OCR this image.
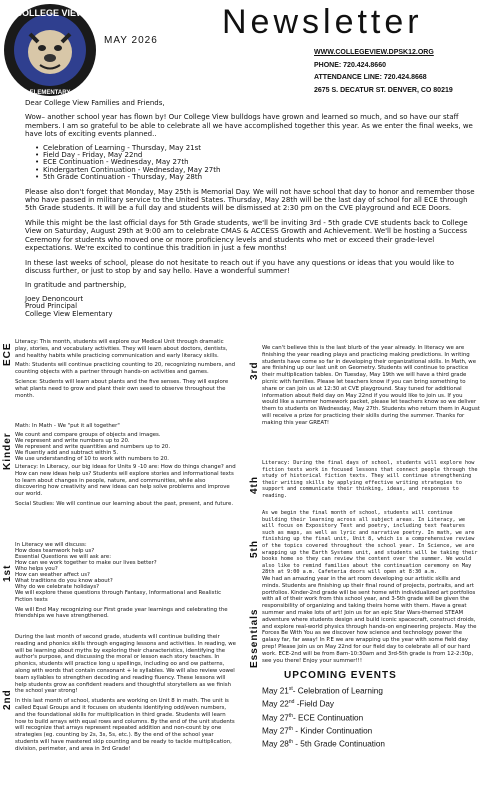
COLLEGE VIEW
ELEMENTARY
MAY 2026 Newsletter
WWW.COLLEGEVIEW.DPSK12.ORG
PHONE: 720.424.8660
ATTENDANCE LINE: 720.424.8668
2675 S. DECATUR ST. DENVER, CO 80219

Dear College View Families and Friends,

Wow– another school year has flown by! Our College View bulldogs have grown and learned so much, and so have our staff members. I am so grateful to be able to celebrate all we have accomplished together this year. As we enter the final weeks, we have lots of exciting events planned..

• Celebration of Learning - Thursday, May 21st
• Field Day - Friday, May 22nd
• ECE Continuation - Wednesday, May 27th
• Kindergarten Continuation - Wednesday, May 27th
• 5th Grade Continuation - Thursday, May 28th

Please also don't forget that Monday, May 25th is Memorial Day. We will not have school that day to honor and remember those who have passed in military service to the United States. Thursday, May 28th will be the last day of school for all ECE through 5th Grade students. It will be a full day and students will be dismissed at 2:30 pm on the CVE playground and ECE Doors.

While this might be the last official days for 5th Grade students, we'll be inviting 3rd - 5th grade CVE students back to College View on Saturday, August 29th at 9:00 am to celebrate CMAS & ACCESS Growth and Achievement. We'll be hosting a Success Ceremony for students who moved one or more proficiency levels and students who met or exceed their grade-level expectations. We're excited to continue this tradition in just a few months!

In these last weeks of school, please do not hesitate to reach out if you have any questions or ideas that you would like to discuss further, or just to stop by and say hello. Have a wonderful summer!

In gratitude and partnership,

Joey Denoncourt
Proud Principal
College View Elementary
ECE

Literacy: This month, students will explore our Medical Unit through dramatic play, stories, and vocabulary activities. They will learn about doctors, dentists, and healthy habits while practicing communication and early literacy skills.

Math: Students will continue practicing counting to 20, recognizing numbers, and counting objects with a partner through hands-on activities and games.

Science: Students will learn about plants and the five senses. They will explore what plants need to grow and plant their own seed to observe throughout the month.

Kinder

Math: In Math - We "put it all together"

We count and compare groups of objects and images.
We represent and write numbers up to 20.
We represent and write quantities and numbers up to 20.
We fluently add and subtract within 5.
We use understanding of 10 to work with numbers to 20.

Literacy: In Literacy, our big ideas for Units 9 -10 are: How do things change? and How can new ideas help us? Students will explore stories and informational texts to learn about changes in people, nature, and communities, while also discovering how creativity and new ideas can help solve problems and improve our world.

Social Studies: We will continue our learning about the past, present, and future.

1st
In Literacy we will discuss:
How does teamwork help us?
Essential Questions we will ask are:
How can we work together to make our lives better?
Who helps you?
How can weather affect us?
What traditions do you know about?
Why do we celebrate holidays?

We will explore these questions through Fantasy, Informational and Realistic Fiction texts

We will End May recognizing our First grade year learnings and celebrating the friendships we have strengthened.

2nd

During the last month of second grade, students will continue building their reading and phonics skills through engaging lessons and activities. In reading, we will be learning about myths by exploring their characteristics, identifying the author's purpose, and discussing the moral or lesson each story teaches. In phonics, students will practice long u spellings, including oo and ow patterns, along with words that contain consonant + le syllables. We will also review vowel team syllables to strengthen decoding and reading fluency. These lessons will help students grow as confident readers and thoughtful storytellers as we finish the school year strong!

In this last month of school, students are working on Unit 8 in math. The unit is called Equal Groups and it focuses on students identifying odd/even numbers, and the foundational skills for multiplication in third grade. Students will learn how to build arrays with equal rows and columns. By the end of the unit students will recognize that arrays represent repeated addition and non-count by one strategies (eg. counting by 2s, 3s, 5s, etc.). By the end of the school year students will have mastered skip counting and be ready to tackle multiplication, division, perimeter, and area in 3rd Grade!

3rd

We can't believe this is the last blurb of the year already. In literacy we are finishing the year reading plays and practicing making predictions. In writing students have come so far in developing their organizational skills. In Math, we are finishing up our last unit on Geometry. Students will continue to practice their multiplication tables. On Tuesday, May 19th we will have a third grade picnic with families. Please let teachers know if you can bring something to share or can join us at 12:30 at CVE playground. Stay tuned for additional information about field day on May 22nd if you would like to join us. If you would like a summer homework packet, please let teachers know so we deliver them to students on Wednesday, May 27th. Students who return them in August will receive a prize for practicing their skills during the summer. Thanks for making this year GREAT!

4th

Literacy: During the final days of school, students will explore how fiction texts work in focused lessons that connect people through the study of historical fiction texts. They will continue strengthening their writing skills by applying effective writing strategies to support and communicate their thinking, ideas, and responses to reading.

5th

As we begin the final month of school, students will continue building their learning across all subject areas. In Literacy, we will focus on Expository Text and poetry, including text features such as maps, as well as lyric and narrative poetry. In math, we are finishing up the final unit, Unit 8, which is a comprehensive review of the topics covered throughout the school year. In Science, we are wrapping up the Earth Systems unit, and students will be taking their books home so they can review the content over the summer. We would also like to remind families about the continuation ceremony on May 28th at 9:00 a.m. Cafeteria doors will open at 8:30 a.m.

Essentials

We had an amazing year in the art room developing our artistic skills and minds. Students are finishing up their final round of projects, portraits, and art portfolios. Kinder-2nd grade will be sent home with individualized art portfolios with all of their work from this school year, and 3-5th grade will be given the responsibility of organizing and taking theirs home with them. Have a great summer and make lots of art! Join us for an epic Star Wars-themed STEAM adventure where students design and build iconic spacecraft, construct droids, and explore real-world physics through hands-on engineering projects. May the Forces Be With You as we discover how science and technology power the galaxy far, far away! In P.E we are wrapping up the year with some field day prep! Please join us on May 22nd for our field day to celebrate all of our hard work. ECE-2nd will be from 8am-10:30am and 3rd-5th grade is from 12-2:30p, see you there! Enjoy your summer!!!

UPCOMING EVENTS
May 21st- Celebration of Learning
May 22nd -Field Day
May 27th- ECE Continuation
May 27th - Kinder Continuation
May 28th - 5th Grade Continuation
